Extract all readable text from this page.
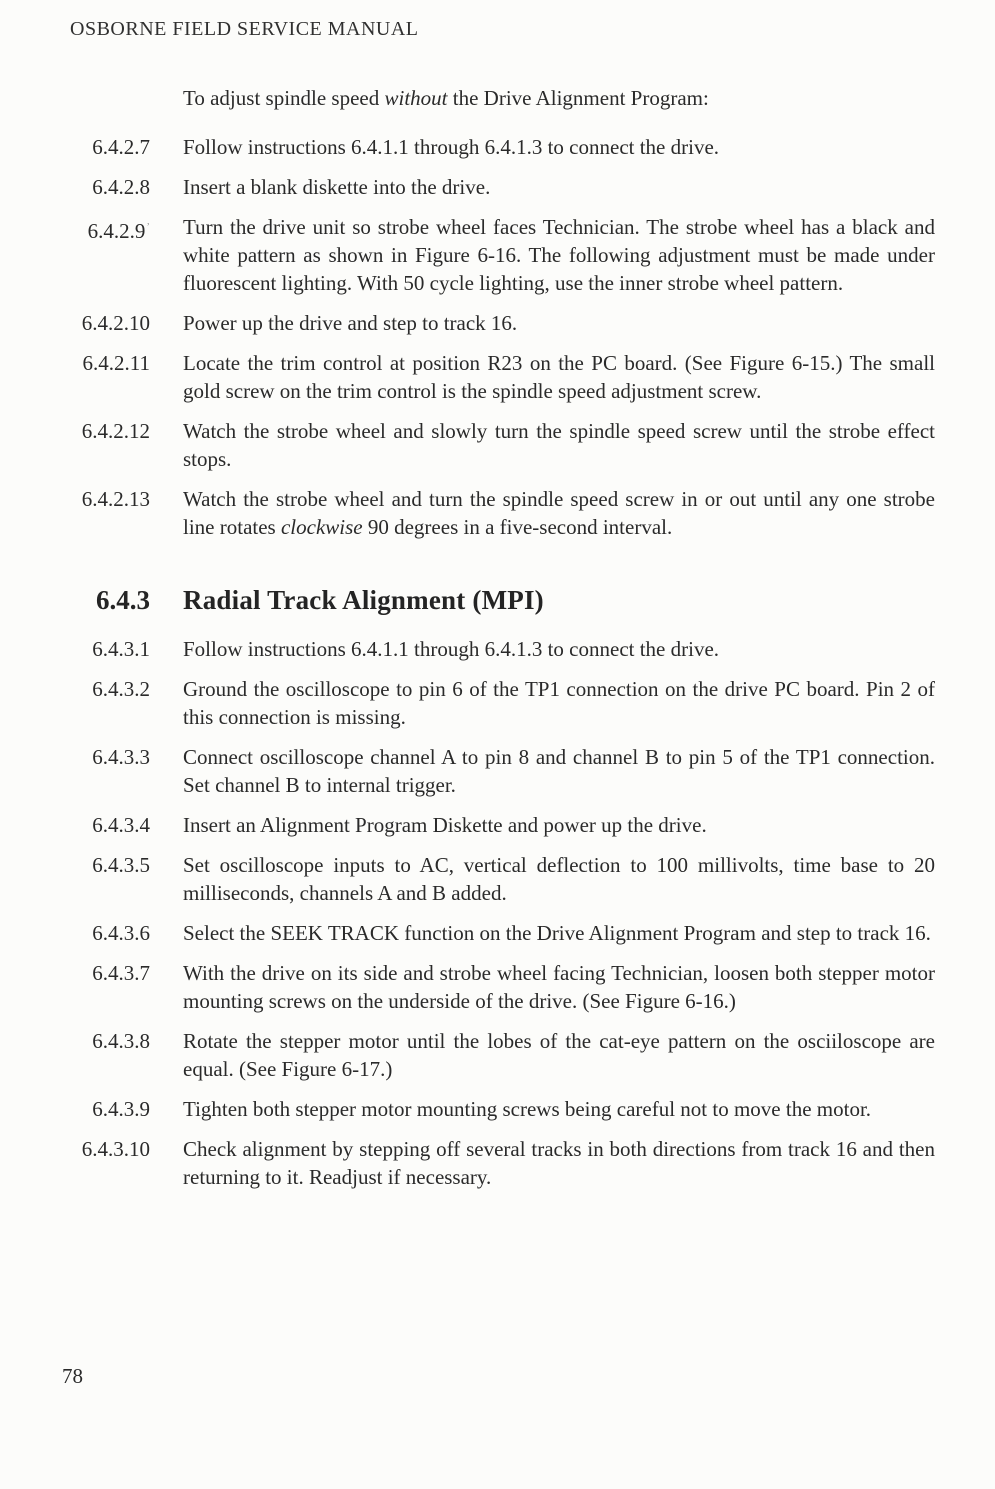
OSBORNE FIELD SERVICE MANUAL

To adjust spindle speed without the Drive Alignment Program:

6.4.2.7 Follow instructions 6.4.1.1 through 6.4.1.3 to connect the drive.
6.4.2.8 Insert a blank diskette into the drive.
$6.4.2.9^ʼ$ Turn the drive unit so strobe wheel faces Technician. The strobe wheel has a black and white pattern as shown in Figure 6-16. The following adjustment must be made under fluorescent lighting. With 50 cycle lighting, use the inner strobe wheel pattern.
6.4.2.10 Power up the drive and step to track 16.
6.4.2.11 Locate the trim control at position R23 on the PC board. (See Figure 6-15.) The small gold screw on the trim control is the spindle speed adjustment screw.
6.4.2.12 Watch the strobe wheel and slowly turn the spindle speed screw until the strobe effect stops.
6.4.2.13 Watch the strobe wheel and turn the spindle speed screw in or out until any one strobe line rotates clockwise 90 degrees in a five-second interval.
6.4.3 Radial Track Alignment (MPI)
6.4.3.1 Follow instructions 6.4.1.1 through 6.4.1.3 to connect the drive.
6.4.3.2 Ground the oscilloscope to pin 6 of the TP1 connection on the drive PC board. Pin 2 of this connection is missing.
6.4.3.3 Connect oscilloscope channel A to pin 8 and channel B to pin 5 of the TP1 connection. Set channel B to internal trigger.
6.4.3.4 Insert an Alignment Program Diskette and power up the drive.
6.4.3.5 Set oscilloscope inputs to AC, vertical deflection to 100 millivolts, time base to 20 milliseconds, channels A and B added.
6.4.3.6 Select the SEEK TRACK function on the Drive Alignment Program and step to track 16.
6.4.3.7 With the drive on its side and strobe wheel facing Technician, loosen both stepper motor mounting screws on the underside of the drive. (See Figure 6-16.)
6.4.3.8 Rotate the stepper motor until the lobes of the cat-eye pattern on the osciiloscope are equal. (See Figure 6-17.)
6.4.3.9 Tighten both stepper motor mounting screws being careful not to move the motor.
6.4.3.10 Check alignment by stepping off several tracks in both directions from track 16 and then returning to it. Readjust if necessary.
78
